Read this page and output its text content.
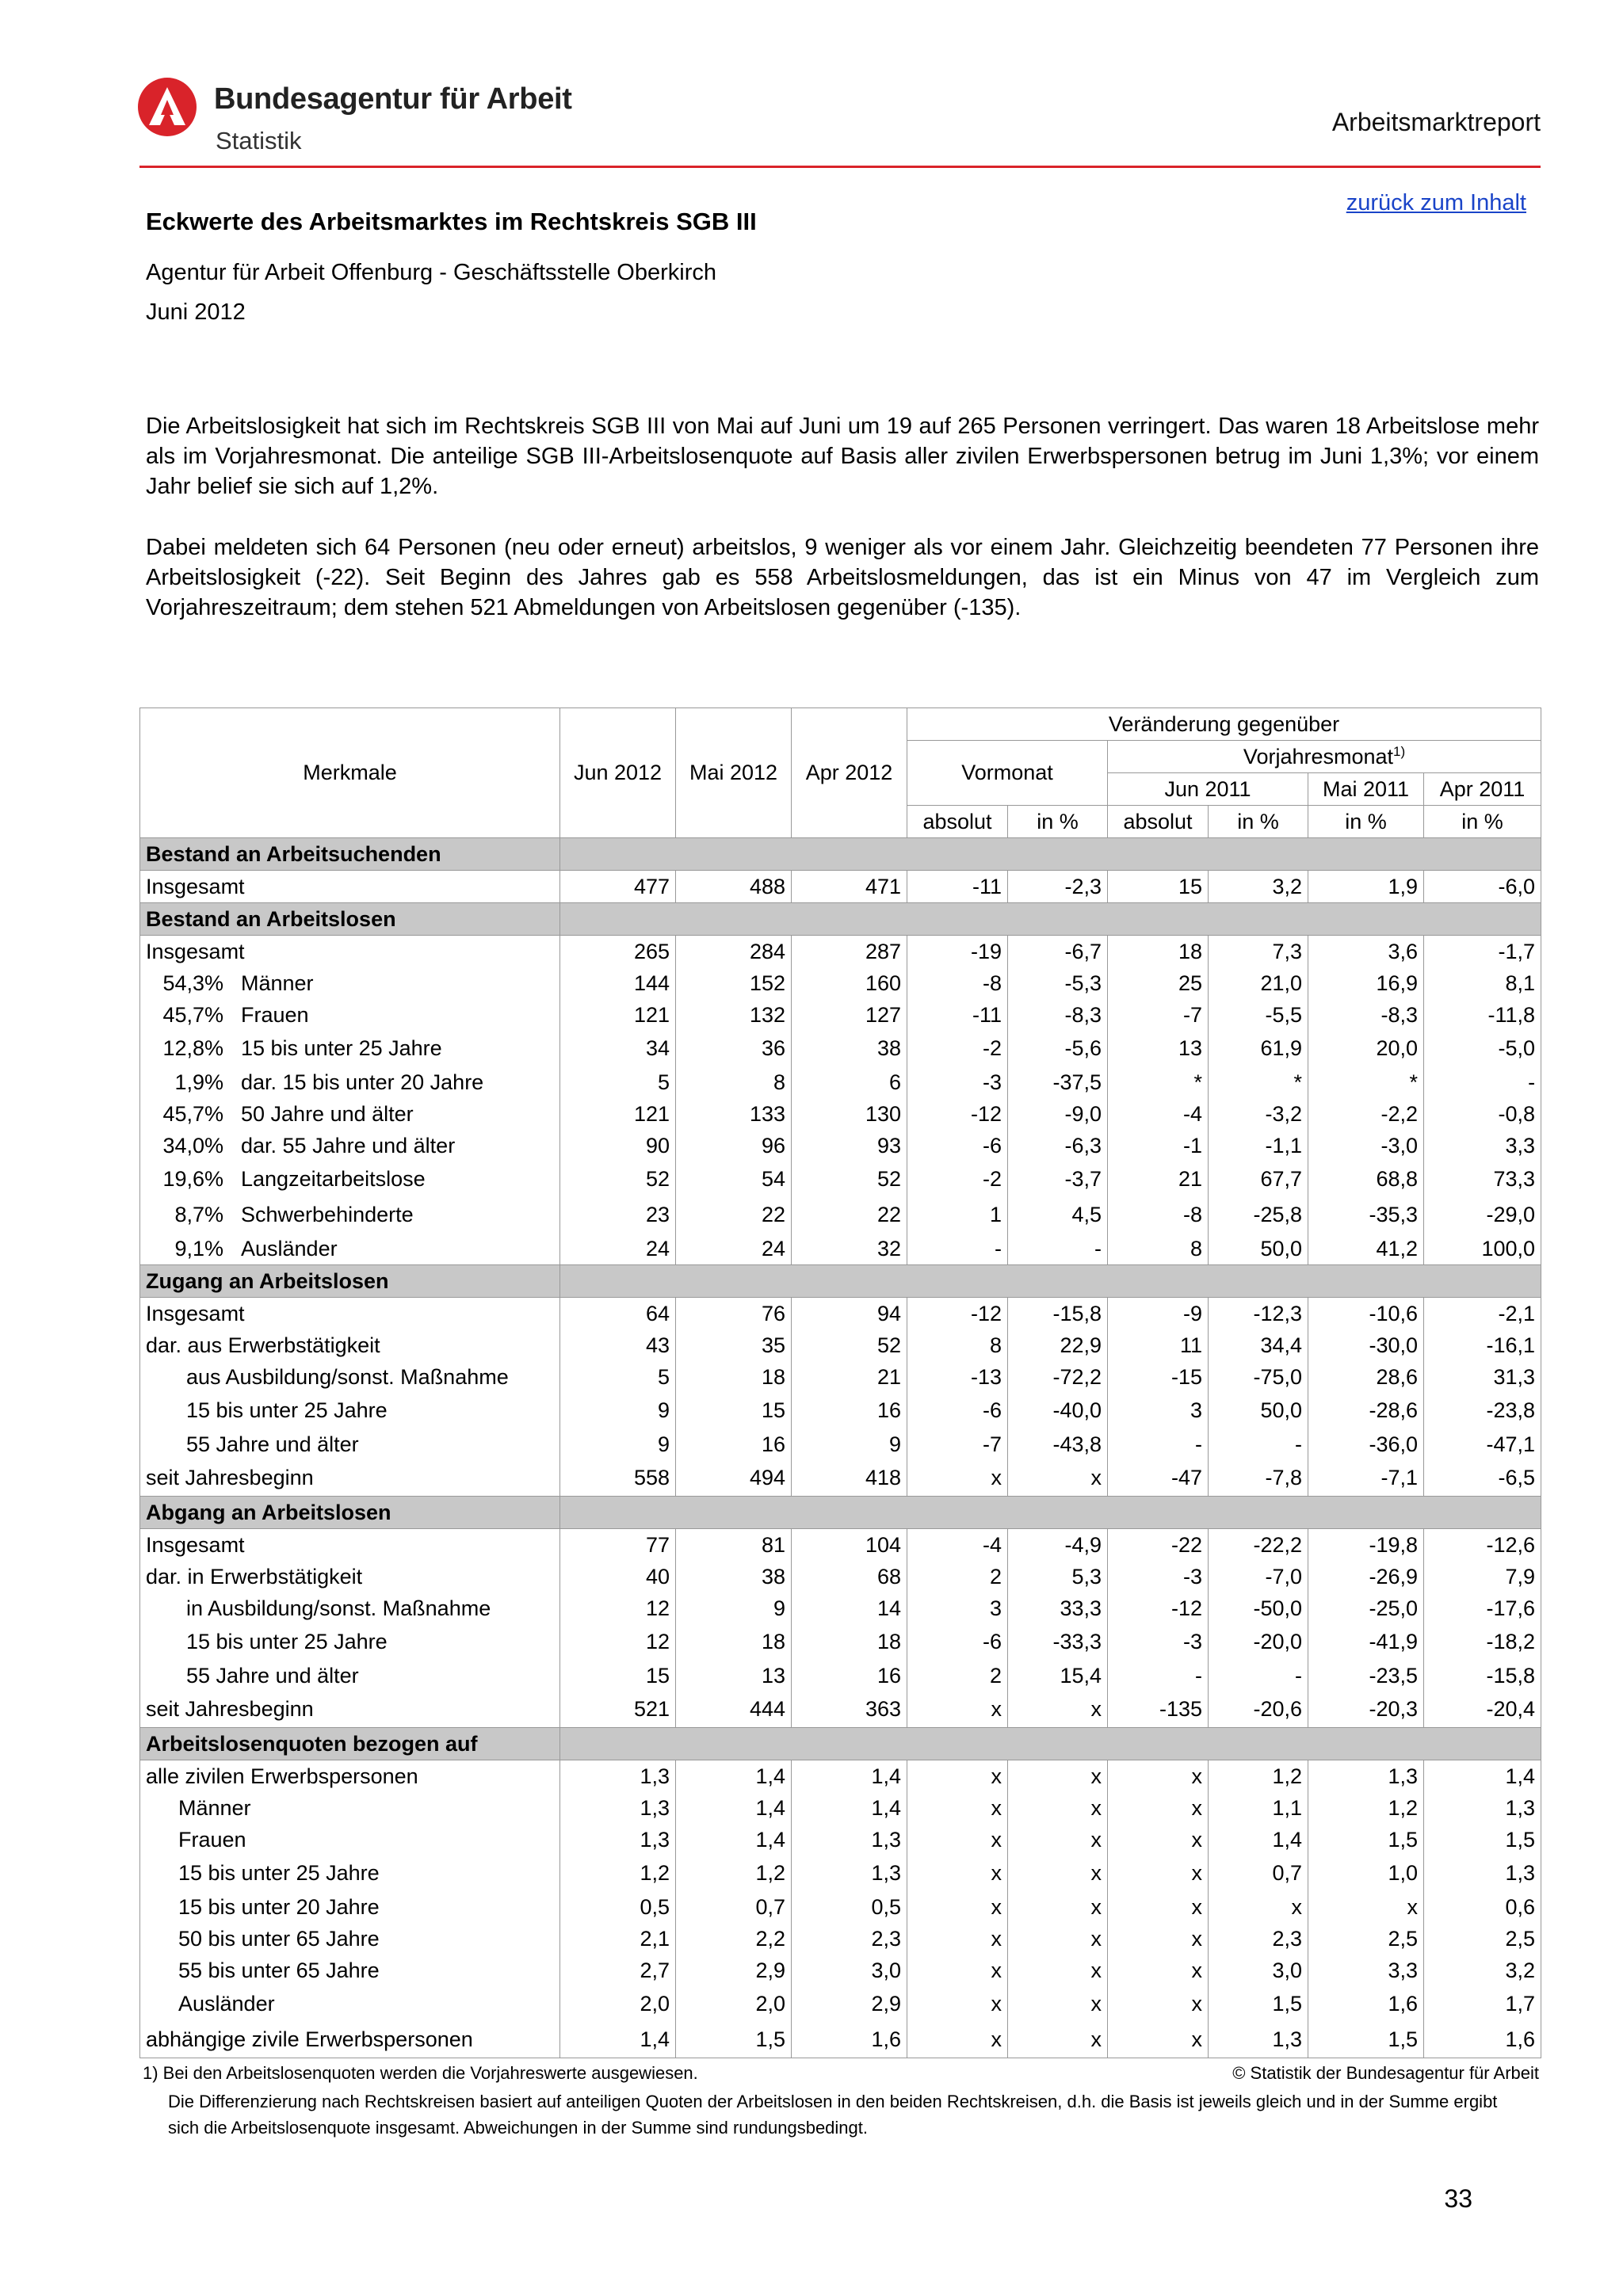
Bundesagentur für Arbeit
Statistik
Arbeitsmarktreport
zurück zum Inhalt
Eckwerte des Arbeitsmarktes im Rechtskreis SGB III
Agentur für Arbeit Offenburg - Geschäftsstelle Oberkirch
Juni 2012

Die Arbeitslosigkeit hat sich im Rechtskreis SGB III von Mai auf Juni um 19 auf 265 Personen verringert. Das waren 18 Arbeitslose mehr als im Vorjahresmonat. Die anteilige SGB III-Arbeitslosenquote auf Basis aller zivilen Erwerbspersonen betrug im Juni 1,3%; vor einem Jahr belief sie sich auf 1,2%.

Dabei meldeten sich 64 Personen (neu oder erneut) arbeitslos, 9 weniger als vor einem Jahr. Gleichzeitig beendeten 77 Personen ihre Arbeitslosigkeit (-22). Seit Beginn des Jahres gab es 558 Arbeitslosmeldungen, das ist ein Minus von 47 im Vergleich zum Vorjahreszeitraum; dem stehen 521 Abmeldungen von Arbeitslosen gegenüber (-135).

Merkmale	Jun 2012	Mai 2012	Apr 2012	Veränderung gegenüber					
				Vormonat		Vorjahresmonat$^{1)}$
						Jun 2011		Mai 2011	Apr 2011
				absolut	in %	absolut	in %	in %	in %
Bestand an Arbeitsuchenden									
Insgesamt	477	488	471	-11	-2,3	15	3,2	1,9	-6,0
Bestand an Arbeitslosen									
Insgesamt	265	284	287	-19	-6,7	18	7,3	3,6	-1,7
54,3% Männer	144	152	160	-8	-5,3	25	21,0	16,9	8,1
45,7% Frauen	121	132	127	-11	-8,3	-7	-5,5	-8,3	-11,8
12,8% 15 bis unter 25 Jahre	34	36	38	-2	-5,6	13	61,9	20,0	-5,0
1,9% dar. 15 bis unter 20 Jahre	5	8	6	-3	-37,5	*	*	*	-
45,7% 50 Jahre und älter	121	133	130	-12	-9,0	-4	-3,2	-2,2	-0,8
34,0% dar. 55 Jahre und älter	90	96	93	-6	-6,3	-1	-1,1	-3,0	3,3
19,6% Langzeitarbeitslose	52	54	52	-2	-3,7	21	67,7	68,8	73,3
8,7% Schwerbehinderte	23	22	22	1	4,5	-8	-25,8	-35,3	-29,0
9,1% Ausländer	24	24	32	-	-	8	50,0	41,2	100,0
Zugang an Arbeitslosen									
Insgesamt	64	76	94	-12	-15,8	-9	-12,3	-10,6	-2,1
dar. aus Erwerbstätigkeit	43	35	52	8	22,9	11	34,4	-30,0	-16,1
aus Ausbildung/sonst. Maßnahme	5	18	21	-13	-72,2	-15	-75,0	28,6	31,3
15 bis unter 25 Jahre	9	15	16	-6	-40,0	3	50,0	-28,6	-23,8
55 Jahre und älter	9	16	9	-7	-43,8	-	-	-36,0	-47,1
seit Jahresbeginn	558	494	418	x	x	-47	-7,8	-7,1	-6,5
Abgang an Arbeitslosen									
Insgesamt	77	81	104	-4	-4,9	-22	-22,2	-19,8	-12,6
dar. in Erwerbstätigkeit	40	38	68	2	5,3	-3	-7,0	-26,9	7,9
in Ausbildung/sonst. Maßnahme	12	9	14	3	33,3	-12	-50,0	-25,0	-17,6
15 bis unter 25 Jahre	12	18	18	-6	-33,3	-3	-20,0	-41,9	-18,2
55 Jahre und älter	15	13	16	2	15,4	-	-	-23,5	-15,8
seit Jahresbeginn	521	444	363	x	x	-135	-20,6	-20,3	-20,4
Arbeitslosenquoten bezogen auf									
alle zivilen Erwerbspersonen	1,3	1,4	1,4	x	x	x	1,2	1,3	1,4
Männer	1,3	1,4	1,4	x	x	x	1,1	1,2	1,3
Frauen	1,3	1,4	1,3	x	x	x	1,4	1,5	1,5
15 bis unter 25 Jahre	1,2	1,2	1,3	x	x	x	0,7	1,0	1,3
15 bis unter 20 Jahre	0,5	0,7	0,5	x	x	x	x	x	0,6
50 bis unter 65 Jahre	2,1	2,2	2,3	x	x	x	2,3	2,5	2,5
55 bis unter 65 Jahre	2,7	2,9	3,0	x	x	x	3,0	3,3	3,2
Ausländer	2,0	2,0	2,9	x	x	x	1,5	1,6	1,7
abhängige zivile Erwerbspersonen	1,4	1,5	1,6	x	x	x	1,3	1,5	1,6
1) Bei den Arbeitslosenquoten werden die Vorjahreswerte ausgewiesen.	© Statistik der Bundesagentur für Arbeit

Die Differenzierung nach Rechtskreisen basiert auf anteiligen Quoten der Arbeitslosen in den beiden Rechtskreisen, d.h. die Basis ist jeweils gleich und in der Summe ergibt sich die Arbeitslosenquote insgesamt. Abweichungen in der Summe sind rundungsbedingt.

33
